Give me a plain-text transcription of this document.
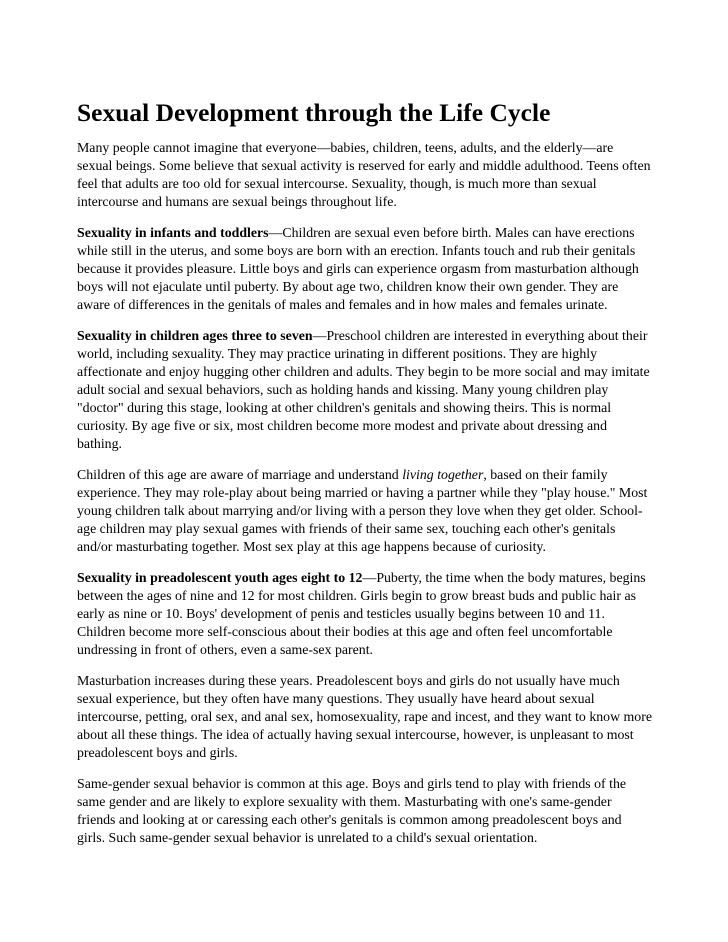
Sexual Development through the Life Cycle

Many people cannot imagine that everyone—babies, children, teens, adults, and the elderly—are sexual beings. Some believe that sexual activity is reserved for early and middle adulthood. Teens often feel that adults are too old for sexual intercourse. Sexuality, though, is much more than sexual intercourse and humans are sexual beings throughout life.

Sexuality in infants and toddlers—Children are sexual even before birth. Males can have erections while still in the uterus, and some boys are born with an erection. Infants touch and rub their genitals because it provides pleasure. Little boys and girls can experience orgasm from masturbation although boys will not ejaculate until puberty. By about age two, children know their own gender. They are aware of differences in the genitals of males and females and in how males and females urinate.

Sexuality in children ages three to seven—Preschool children are interested in everything about their world, including sexuality. They may practice urinating in different positions. They are highly affectionate and enjoy hugging other children and adults. They begin to be more social and may imitate adult social and sexual behaviors, such as holding hands and kissing. Many young children play "doctor" during this stage, looking at other children's genitals and showing theirs. This is normal curiosity. By age five or six, most children become more modest and private about dressing and bathing.

Children of this age are aware of marriage and understand living together, based on their family experience. They may role-play about being married or having a partner while they "play house." Most young children talk about marrying and/or living with a person they love when they get older. School-age children may play sexual games with friends of their same sex, touching each other's genitals and/or masturbating together. Most sex play at this age happens because of curiosity.

Sexuality in preadolescent youth ages eight to 12—Puberty, the time when the body matures, begins between the ages of nine and 12 for most children. Girls begin to grow breast buds and public hair as early as nine or 10. Boys' development of penis and testicles usually begins between 10 and 11. Children become more self-conscious about their bodies at this age and often feel uncomfortable undressing in front of others, even a same-sex parent.

Masturbation increases during these years. Preadolescent boys and girls do not usually have much sexual experience, but they often have many questions. They usually have heard about sexual intercourse, petting, oral sex, and anal sex, homosexuality, rape and incest, and they want to know more about all these things. The idea of actually having sexual intercourse, however, is unpleasant to most preadolescent boys and girls.

Same-gender sexual behavior is common at this age. Boys and girls tend to play with friends of the same gender and are likely to explore sexuality with them. Masturbating with one's same-gender friends and looking at or caressing each other's genitals is common among preadolescent boys and girls. Such same-gender sexual behavior is unrelated to a child's sexual orientation.
